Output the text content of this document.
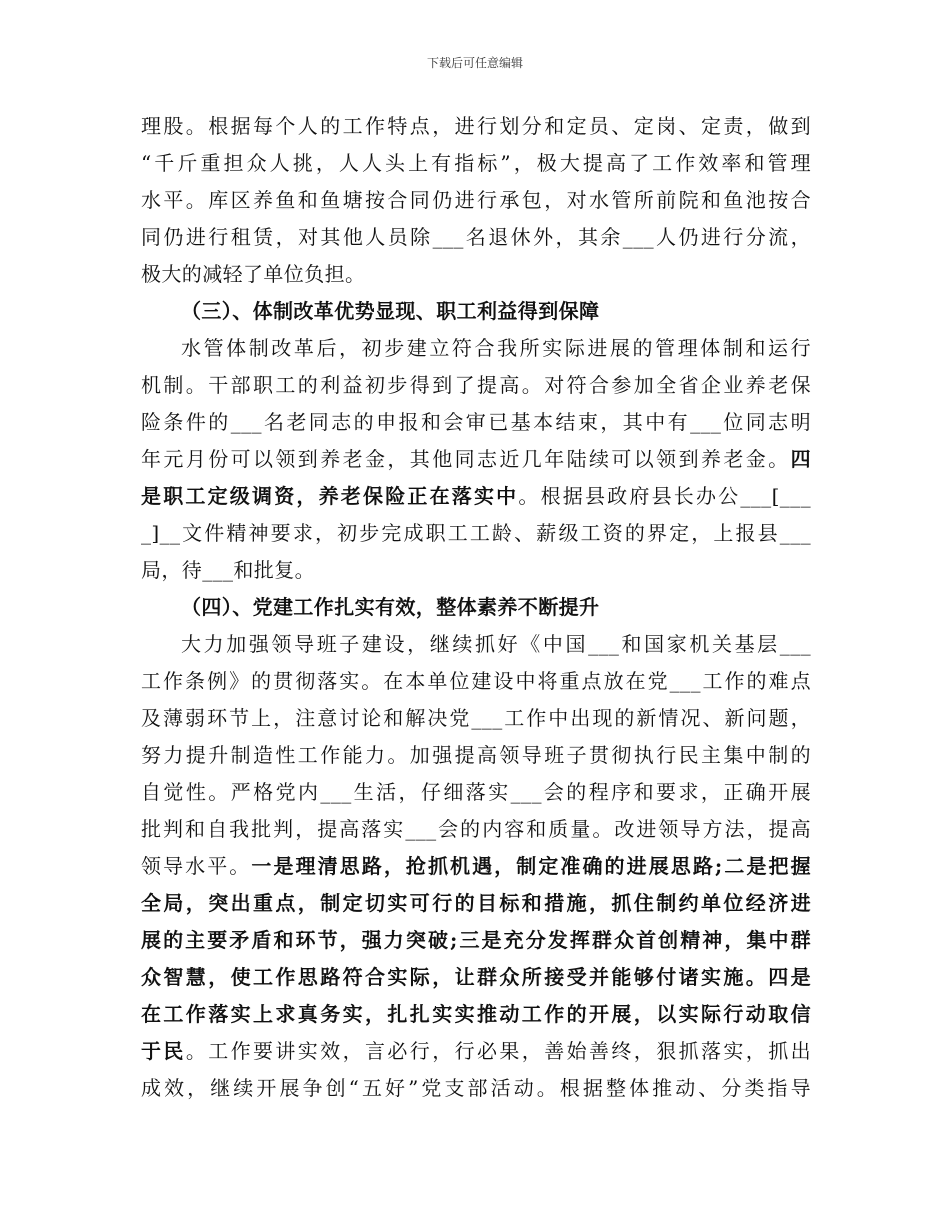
下载后可任意编辑
理股。根据每个人的工作特点，进行划分和定员、定岗、定责，做到
“千斤重担众人挑，人人头上有指标”，极大提高了工作效率和管理
水平。库区养鱼和鱼塘按合同仍进行承包，对水管所前院和鱼池按合
同仍进行租赁，对其他人员除___名退休外，其余___人仍进行分流，
极大的减轻了单位负担。
（三）、体制改革优势显现、职工利益得到保障
水管体制改革后，初步建立符合我所实际进展的管理体制和运行
机制。干部职工的利益初步得到了提高。对符合参加全省企业养老保
险条件的___名老同志的申报和会审已基本结束，其中有___位同志明
年元月份可以领到养老金，其他同志近几年陆续可以领到养老金。四
是职工定级调资，养老保险正在落实中。根据县政府县长办公___[___
_]__文件精神要求，初步完成职工工龄、薪级工资的界定，上报县___
局，待___和批复。
（四）、党建工作扎实有效，整体素养不断提升
大力加强领导班子建设，继续抓好《中国___和国家机关基层___
工作条例》的贯彻落实。在本单位建设中将重点放在党___工作的难点
及薄弱环节上，注意讨论和解决党___工作中出现的新情况、新问题，
努力提升制造性工作能力。加强提高领导班子贯彻执行民主集中制的
自觉性。严格党内___生活，仔细落实___会的程序和要求，正确开展
批判和自我批判，提高落实___会的内容和质量。改进领导方法，提高
领导水平。一是理清思路，抢抓机遇，制定准确的进展思路;二是把握
全局，突出重点，制定切实可行的目标和措施，抓住制约单位经济进
展的主要矛盾和环节，强力突破;三是充分发挥群众首创精神，集中群
众智慧，使工作思路符合实际，让群众所接受并能够付诸实施。四是
在工作落实上求真务实，扎扎实实推动工作的开展，以实际行动取信
于民。工作要讲实效，言必行，行必果，善始善终，狠抓落实，抓出
成效，继续开展争创“五好”党支部活动。根据整体推动、分类指导
